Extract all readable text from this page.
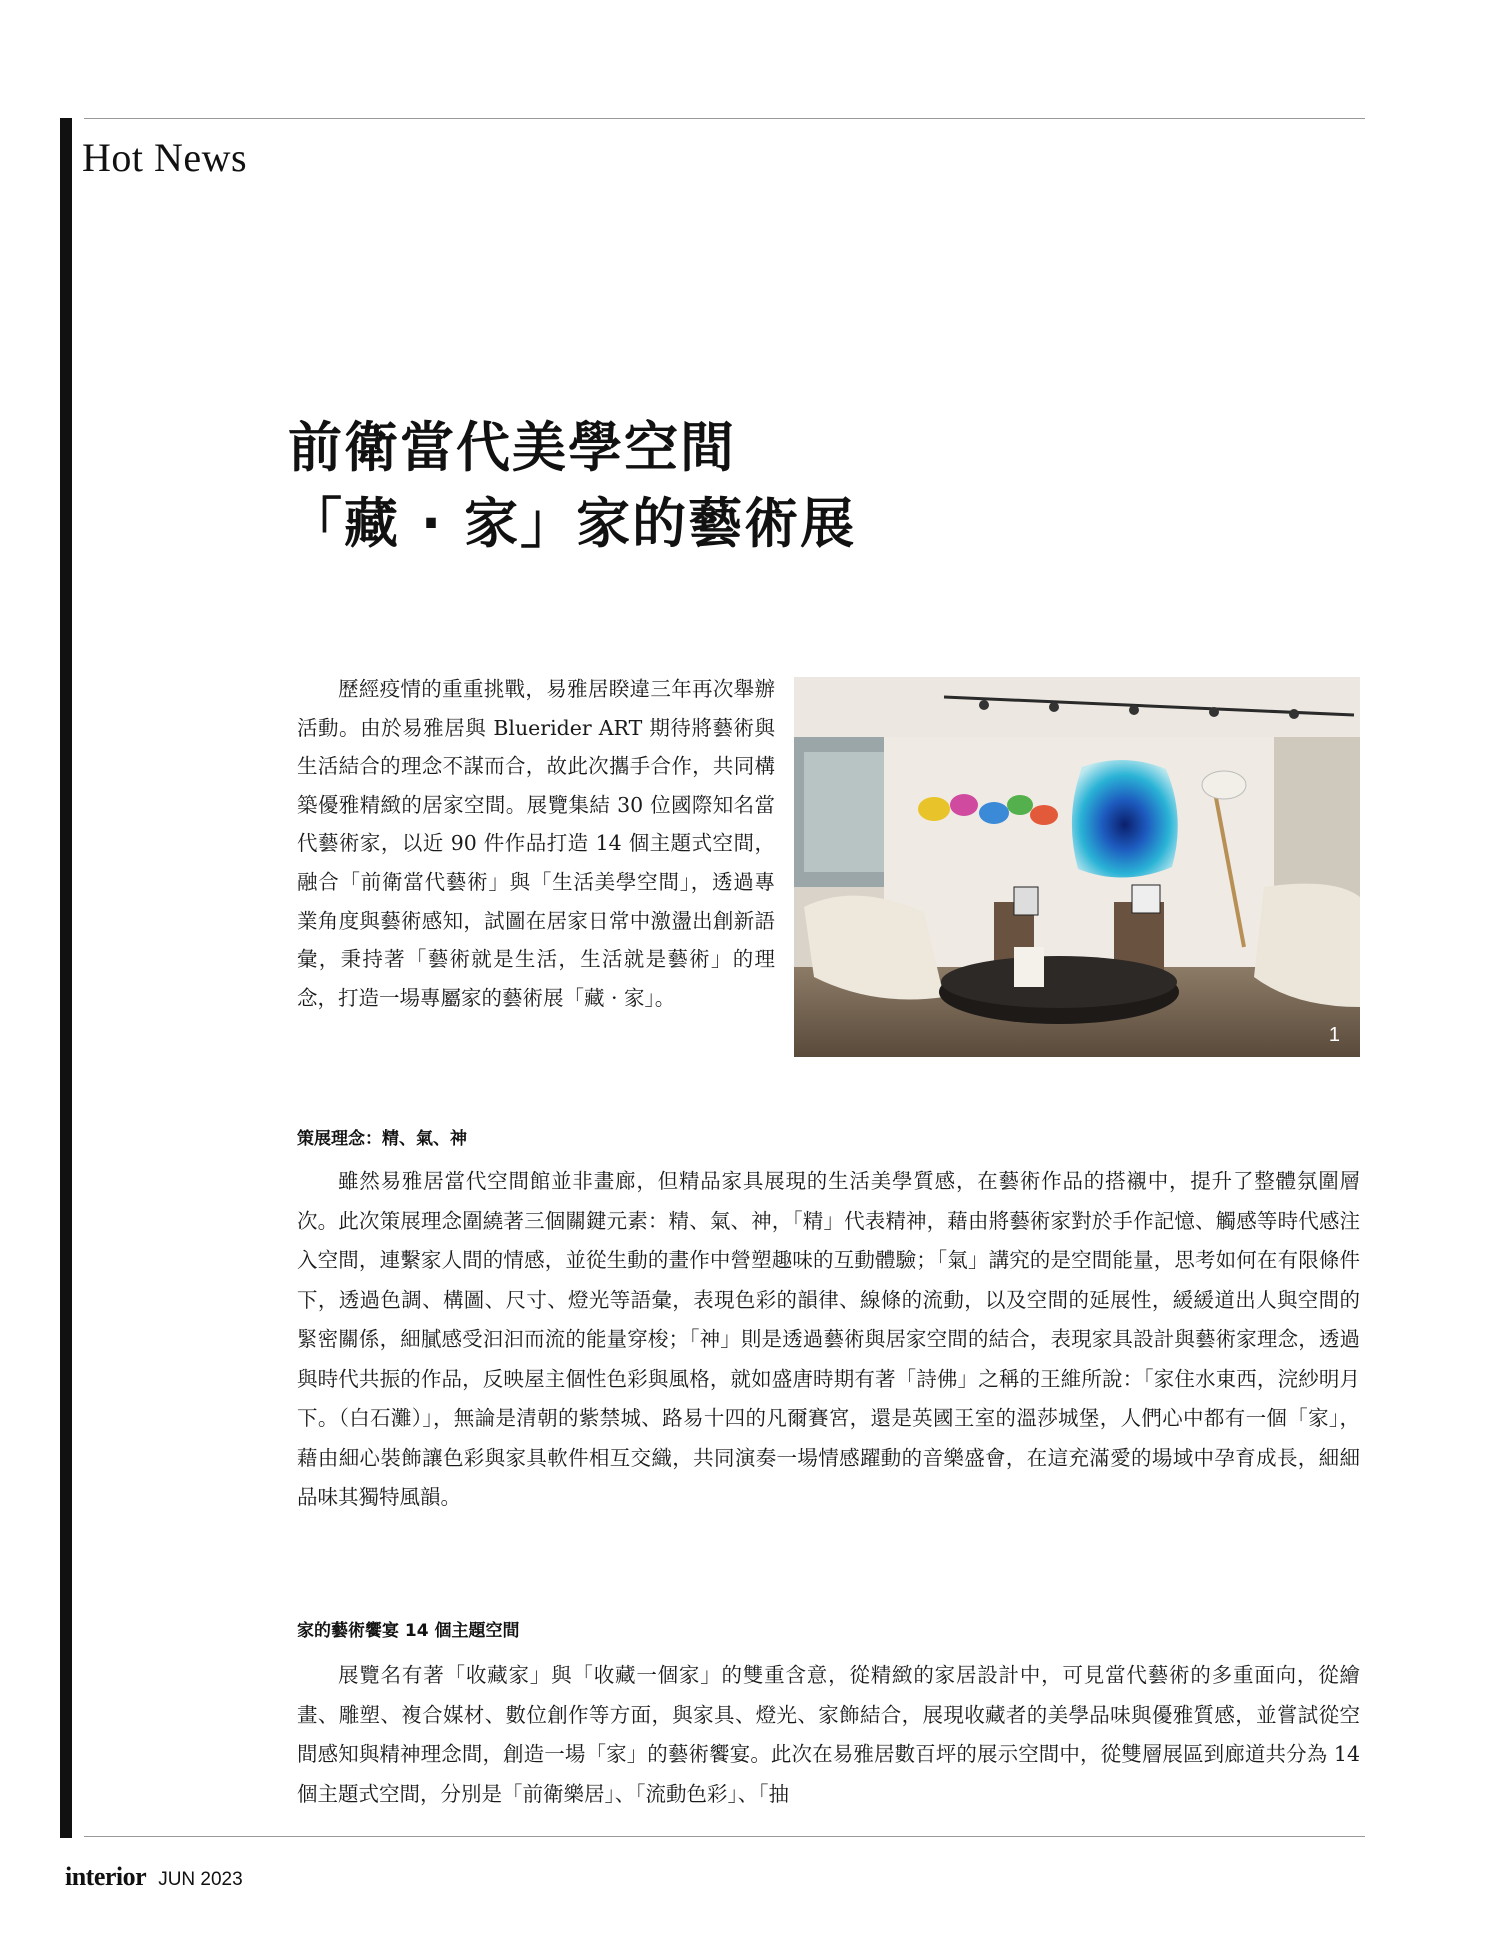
Hot News
前衛當代美學空間
「藏 · 家」家的藝術展

歷經疫情的重重挑戰，易雅居睽違三年再次舉辦活動。由於易雅居與 Bluerider ART 期待將藝術與生活結合的理念不謀而合，故此次攜手合作，共同構築優雅精緻的居家空間。展覽集結 30 位國際知名當代藝術家，以近 90 件作品打造 14 個主題式空間，融合「前衛當代藝術」與「生活美學空間」，透過專業角度與藝術感知，試圖在居家日常中激盪出創新語彙，秉持著「藝術就是生活，生活就是藝術」的理念，打造一場專屬家的藝術展「藏 · 家」。

1
策展理念：精、氣、神

雖然易雅居當代空間館並非畫廊，但精品家具展現的生活美學質感，在藝術作品的搭襯中，提升了整體氛圍層次。此次策展理念圍繞著三個關鍵元素：精、氣、神，「精」代表精神，藉由將藝術家對於手作記憶、觸感等時代感注入空間，連繫家人間的情感，並從生動的畫作中營塑趣味的互動體驗；「氣」講究的是空間能量，思考如何在有限條件下，透過色調、構圖、尺寸、燈光等語彙，表現色彩的韻律、線條的流動，以及空間的延展性，緩緩道出人與空間的緊密關係，細膩感受汩汩而流的能量穿梭；「神」則是透過藝術與居家空間的結合，表現家具設計與藝術家理念，透過與時代共振的作品，反映屋主個性色彩與風格，就如盛唐時期有著「詩佛」之稱的王維所說：「家住水東西，浣紗明月下。（白石灘）」，無論是清朝的紫禁城、路易十四的凡爾賽宮，還是英國王室的溫莎城堡，人們心中都有一個「家」，藉由細心裝飾讓色彩與家具軟件相互交織，共同演奏一場情感躍動的音樂盛會，在這充滿愛的場域中孕育成長，細細品味其獨特風韻。

家的藝術饗宴 14 個主題空間

展覽名有著「收藏家」與「收藏一個家」的雙重含意，從精緻的家居設計中，可見當代藝術的多重面向，從繪畫、雕塑、複合媒材、數位創作等方面，與家具、燈光、家飾結合，展現收藏者的美學品味與優雅質感，並嘗試從空間感知與精神理念間，創造一場「家」的藝術饗宴。此次在易雅居數百坪的展示空間中，從雙層展區到廊道共分為 14 個主題式空間，分別是「前衛樂居」、「流動色彩」、「抽

interior JUN 2023
